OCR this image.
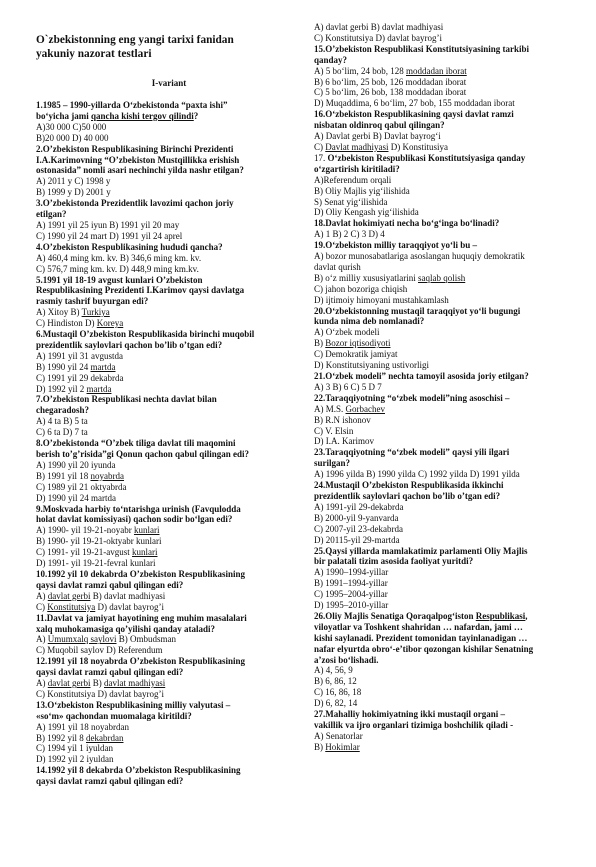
O`zbekistonning eng yangi tarixi fanidan
yakuniy nazorat testlari
I-variant
1.1985 – 1990-yillarda O‘zbekistonda “paxta ishi”
bo‘yicha jami qancha kishi tergov qilindi?
A)30 000 C)50 000
B)20 000 D) 40 000
2.O’zbekiston Respublikasining Birinchi Prezidenti
I.A.Karimovning “O’zbekiston Mustqillikka erishish
ostonasida” nomli asari nechinchi yilda nashr etilgan?
A) 2011 y C) 1998 y
B) 1999 y D) 2001 y
3.O’zbekistonda Prezidentlik lavozimi qachon joriy
etilgan?
A) 1991 yil 25 iyun B) 1991 yil 20 may
C) 1990 yil 24 mart D) 1991 yil 24 aprel
4.O’zbekiston Respublikasining hududi qancha?
A) 460,4 ming km. kv. B) 346,6 ming km. kv.
C) 576,7 ming km. kv. D) 448,9 ming km.kv.
5.1991 yil 18-19 avgust kunlari O’zbekiston
Respublikasining Prezidenti I.Karimov qaysi davlatga
rasmiy tashrif buyurgan edi?
A) Xitoy B) Turkiya
C) Hindiston D) Koreya
6.Mustaqil O’zbekiston Respublikasida birinchi muqobil
prezidentlik saylovlari qachon bo’lib o’tgan edi?
A) 1991 yil 31 avgustda
B) 1990 yil 24 martda
C) 1991 yil 29 dekabrda
D) 1992 yil 2 martda
7.O’zbekiston Respublikasi nechta davlat bilan
chegaradosh?
A) 4 ta B) 5 ta
C) 6 ta D) 7 ta
8.O’zbekistonda “O’zbek tiliga davlat tili maqomini
berish to’g’risida”gi Qonun qachon qabul qilingan edi?
A) 1990 yil 20 iyunda
B) 1991 yil 18 noyabrda
C) 1989 yil 21 oktyabrda
D) 1990 yil 24 martda
9.Moskvada harbiy to‘ntarishga urinish (Favqulodda
holat davlat komissiyasi) qachon sodir bo‘lgan edi?
A) 1990- yil 19-21-noyabr kunlari
B) 1990- yil 19-21-oktyabr kunlari
C) 1991- yil 19-21-avgust kunlari
D) 1991- yil 19-21-fevral kunlari
10.1992 yil 10 dekabrda O’zbekiston Respublikasining
qaysi davlat ramzi qabul qilingan edi?
A) davlat gerbi B) davlat madhiyasi
C) Konstitutsiya D) davlat bayrog’i
11.Davlat va jamiyat hayotining eng muhim masalalari
xalq muhokamasiga qo’yilishi qanday ataladi?
A) Umumxalq saylovi B) Ombudsman
C) Muqobil saylov D) Referendum
12.1991 yil 18 noyabrda O’zbekiston Respublikasining
qaysi davlat ramzi qabul qilingan edi?
A) davlat gerbi B) davlat madhiyasi
C) Konstitutsiya D) davlat bayrog’i
13.O‘zbekiston Respublikasining milliy valyutasi –
«so‘m» qachondan muomalaga kiritildi?
A) 1991 yil 18 noyabrdan
B) 1992 yil 8 dekabrdan
C) 1994 yil 1 iyuldan
D) 1992 yil 2 iyuldan
14.1992 yil 8 dekabrda O’zbekiston Respublikasining
qaysi davlat ramzi qabul qilingan edi?
A) davlat gerbi B) davlat madhiyasi
C) Konstitutsiya D) davlat bayrog’i
15.O’zbekiston Respublikasi Konstitutsiyasining tarkibi
qanday?
A) 5 bo‘lim, 24 bob, 128 moddadan iborat
B) 6 bo‘lim, 25 bob, 126 moddadan iborat
C) 5 bo‘lim, 26 bob, 138 moddadan iborat
D) Muqaddima, 6 bo‘lim, 27 bob, 155 moddadan iborat
16.O‘zbekiston Respublikasining qaysi davlat ramzi
nisbatan oldinroq qabul qilingan?
A) Davlat gerbi B) Davlat bayrog‘i
C) Davlat madhiyasi D) Konstitusiya
17. O‘zbekiston Respublikasi Konstitutsiyasiga qanday
o‘zgartirish kiritiladi?
A)Referendum orqali
B) Oliy Majlis yig‘ilishida
S) Senat yig‘ilishida
D) Oliy Kengash yig‘ilishida
18.Davlat hokimiyati necha bo‘g‘inga bo‘linadi?
A) 1 B) 2 C) 3 D) 4
19.O‘zbekiston milliy taraqqiyot yo‘li bu –
A) bozor munosabatlariga asoslangan huquqiy demokratik
davlat qurish
B) o‘z milliy xususiyatlarini saqlab qolish
C) jahon bozoriga chiqish
D) ijtimoiy himoyani mustahkamlash
20.O‘zbekistonning mustaqil taraqqiyot yo‘li bugungi
kunda nima deb nomlanadi?
A) O‘zbek modeli
B) Bozor iqtisodiyoti
C) Demokratik jamiyat
D) Konstitutsiyaning ustivorligi
21.O‘zbek modeli” nechta tamoyil asosida joriy etilgan?
A) 3 B) 6 C) 5 D 7
22.Taraqqiyotning “o‘zbek modeli”ning asoschisi –
A) M.S. Gorbachev
B) R.N ishonov
C) V. Elsin
D) I.A. Karimov
23.Taraqqiyotning “o‘zbek modeli” qaysi yili ilgari
surilgan?
A) 1996 yilda B) 1990 yilda C) 1992 yilda D) 1991 yilda
24.Mustaqil O’zbekiston Respublikasida ikkinchi
prezidentlik saylovlari qachon bo’lib o’tgan edi?
A) 1991-yil 29-dekabrda
B) 2000-yil 9-yanvarda
C) 2007-yil 23-dekabrda
D) 20115-yil 29-martda
25.Qaysi yillarda mamlakatimiz parlamenti Oliy Majlis
bir palatali tizim asosida faoliyat yuritdi?
A) 1990–1994-yillar
B) 1991–1994-yillar
C) 1995–2004-yillar
D) 1995–2010-yillar
26.Oliy Majlis Senatiga Qoraqalpog‘iston Respublikasi,
viloyatlar va Toshkent shahridan … nafardan, jami …
kishi saylanadi. Prezident tomonidan tayinlanadigan …
nafar elyurtda obro‘-e’tibor qozongan kishilar Senatning
a’zosi bo‘lishadi.
A) 4, 56, 9
B) 6, 86, 12
C) 16, 86, 18
D) 6, 82, 14
27.Mahalliy hokimiyatning ikki mustaqil organi –
vakillik va ijro organlari tizimiga boshchilik qiladi -
A) Senatorlar
B) Hokimlar
